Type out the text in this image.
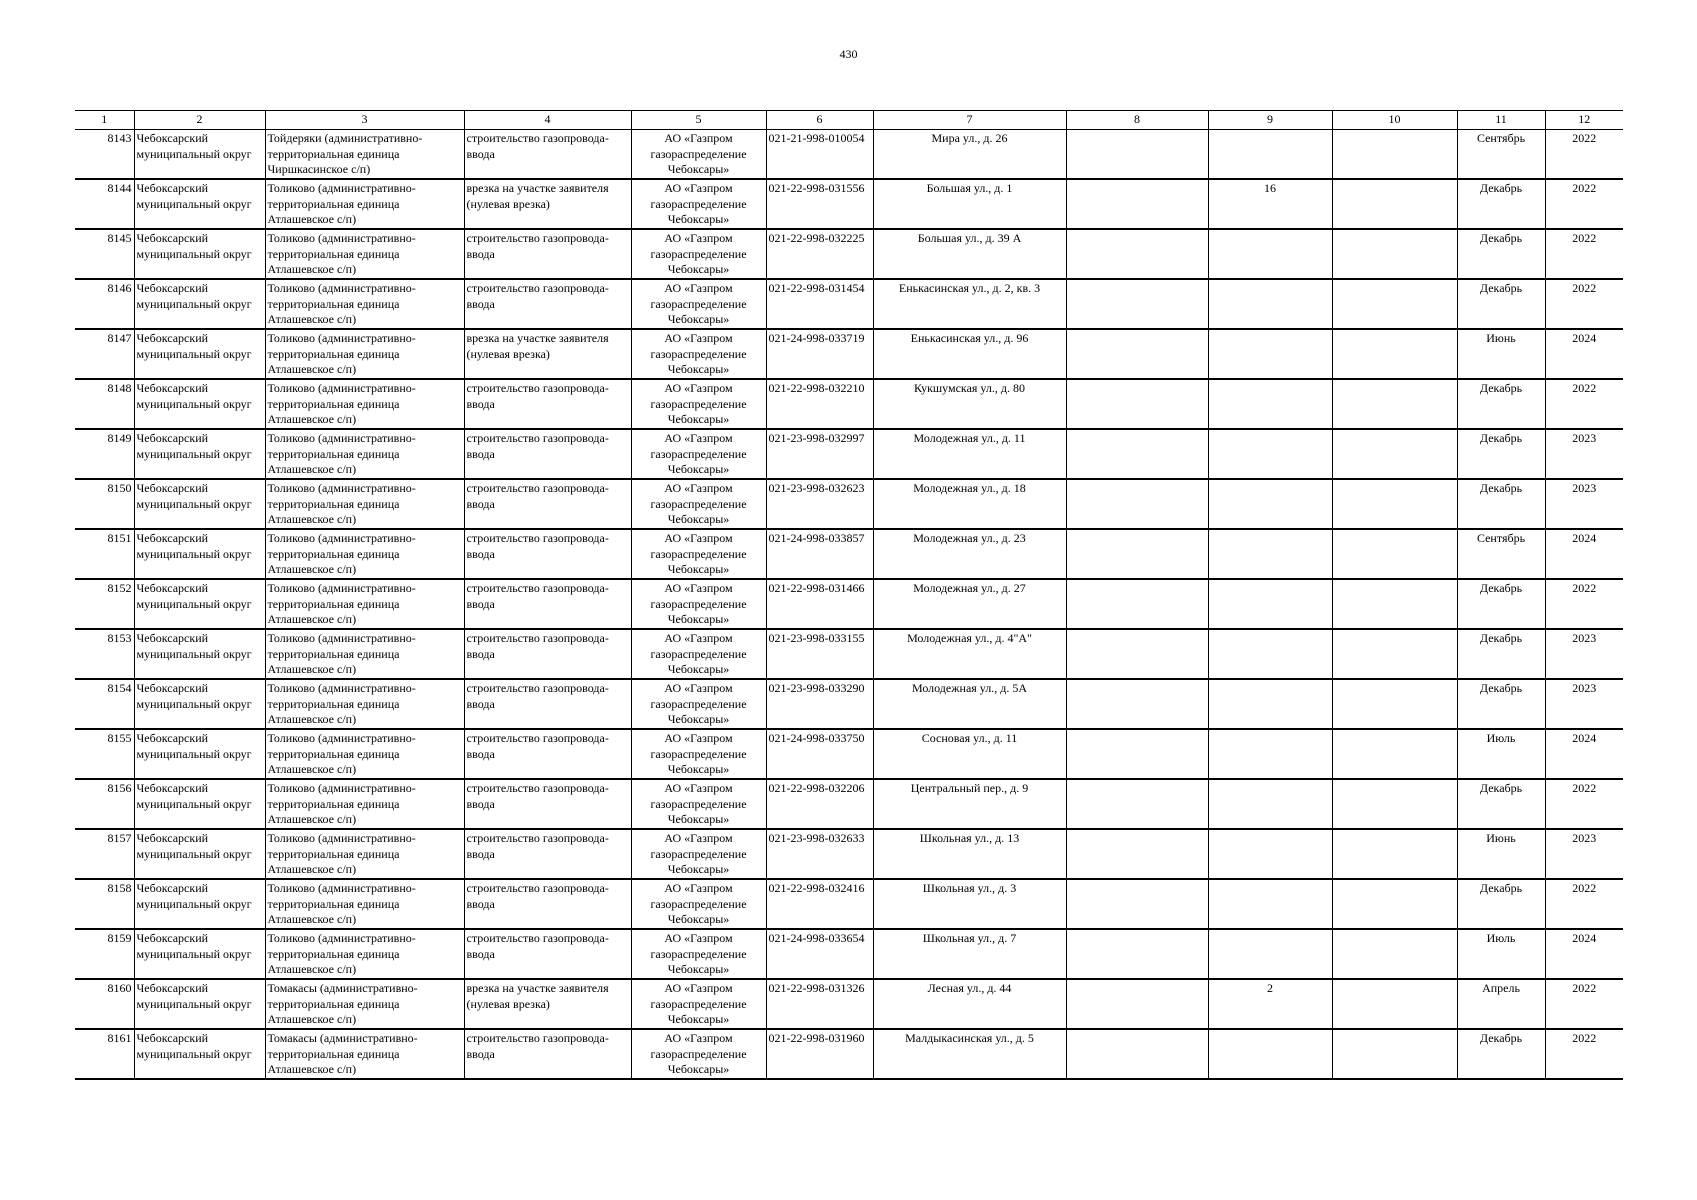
430
1	2	3	4	5	6	7	8	9	10	11	12
8143	Чебоксарский муниципальный округ	Тойдеряки (административно-территориальная единица Чиршкасинское с/п)	строительство газопровода-ввода	АО «Газпром газораспределение Чебоксары»	021-21-998-010054	Мира ул., д. 26				Сентябрь	2022
8144	Чебоксарский муниципальный округ	Толиково (административно-территориальная единица Атлашевское с/п)	врезка на участке заявителя (нулевая врезка)	АО «Газпром газораспределение Чебоксары»	021-22-998-031556	Большая ул., д. 1		16		Декабрь	2022
8145	Чебоксарский муниципальный округ	Толиково (административно-территориальная единица Атлашевское с/п)	строительство газопровода-ввода	АО «Газпром газораспределение Чебоксары»	021-22-998-032225	Большая ул., д. 39 А				Декабрь	2022
8146	Чебоксарский муниципальный округ	Толиково (административно-территориальная единица Атлашевское с/п)	строительство газопровода-ввода	АО «Газпром газораспределение Чебоксары»	021-22-998-031454	Енькасинская ул., д. 2, кв. 3				Декабрь	2022
8147	Чебоксарский муниципальный округ	Толиково (административно-территориальная единица Атлашевское с/п)	врезка на участке заявителя (нулевая врезка)	АО «Газпром газораспределение Чебоксары»	021-24-998-033719	Енькасинская ул., д. 96				Июнь	2024
8148	Чебоксарский муниципальный округ	Толиково (административно-территориальная единица Атлашевское с/п)	строительство газопровода-ввода	АО «Газпром газораспределение Чебоксары»	021-22-998-032210	Кукшумская ул., д. 80				Декабрь	2022
8149	Чебоксарский муниципальный округ	Толиково (административно-территориальная единица Атлашевское с/п)	строительство газопровода-ввода	АО «Газпром газораспределение Чебоксары»	021-23-998-032997	Молодежная ул., д. 11				Декабрь	2023
8150	Чебоксарский муниципальный округ	Толиково (административно-территориальная единица Атлашевское с/п)	строительство газопровода-ввода	АО «Газпром газораспределение Чебоксары»	021-23-998-032623	Молодежная ул., д. 18				Декабрь	2023
8151	Чебоксарский муниципальный округ	Толиково (административно-территориальная единица Атлашевское с/п)	строительство газопровода-ввода	АО «Газпром газораспределение Чебоксары»	021-24-998-033857	Молодежная ул., д. 23				Сентябрь	2024
8152	Чебоксарский муниципальный округ	Толиково (административно-территориальная единица Атлашевское с/п)	строительство газопровода-ввода	АО «Газпром газораспределение Чебоксары»	021-22-998-031466	Молодежная ул., д. 27				Декабрь	2022
8153	Чебоксарский муниципальный округ	Толиково (административно-территориальная единица Атлашевское с/п)	строительство газопровода-ввода	АО «Газпром газораспределение Чебоксары»	021-23-998-033155	Молодежная ул., д. 4"А"				Декабрь	2023
8154	Чебоксарский муниципальный округ	Толиково (административно-территориальная единица Атлашевское с/п)	строительство газопровода-ввода	АО «Газпром газораспределение Чебоксары»	021-23-998-033290	Молодежная ул., д. 5А				Декабрь	2023
8155	Чебоксарский муниципальный округ	Толиково (административно-территориальная единица Атлашевское с/п)	строительство газопровода-ввода	АО «Газпром газораспределение Чебоксары»	021-24-998-033750	Сосновая ул., д. 11				Июль	2024
8156	Чебоксарский муниципальный округ	Толиково (административно-территориальная единица Атлашевское с/п)	строительство газопровода-ввода	АО «Газпром газораспределение Чебоксары»	021-22-998-032206	Центральный пер., д. 9				Декабрь	2022
8157	Чебоксарский муниципальный округ	Толиково (административно-территориальная единица Атлашевское с/п)	строительство газопровода-ввода	АО «Газпром газораспределение Чебоксары»	021-23-998-032633	Школьная ул., д. 13				Июнь	2023
8158	Чебоксарский муниципальный округ	Толиково (административно-территориальная единица Атлашевское с/п)	строительство газопровода-ввода	АО «Газпром газораспределение Чебоксары»	021-22-998-032416	Школьная ул., д. 3				Декабрь	2022
8159	Чебоксарский муниципальный округ	Толиково (административно-территориальная единица Атлашевское с/п)	строительство газопровода-ввода	АО «Газпром газораспределение Чебоксары»	021-24-998-033654	Школьная ул., д. 7				Июль	2024
8160	Чебоксарский муниципальный округ	Томакасы (административно-территориальная единица Атлашевское с/п)	врезка на участке заявителя (нулевая врезка)	АО «Газпром газораспределение Чебоксары»	021-22-998-031326	Лесная ул., д. 44		2		Апрель	2022
8161	Чебоксарский муниципальный округ	Томакасы (административно-территориальная единица Атлашевское с/п)	строительство газопровода-ввода	АО «Газпром газораспределение Чебоксары»	021-22-998-031960	Малдыкасинская ул., д. 5				Декабрь	2022
